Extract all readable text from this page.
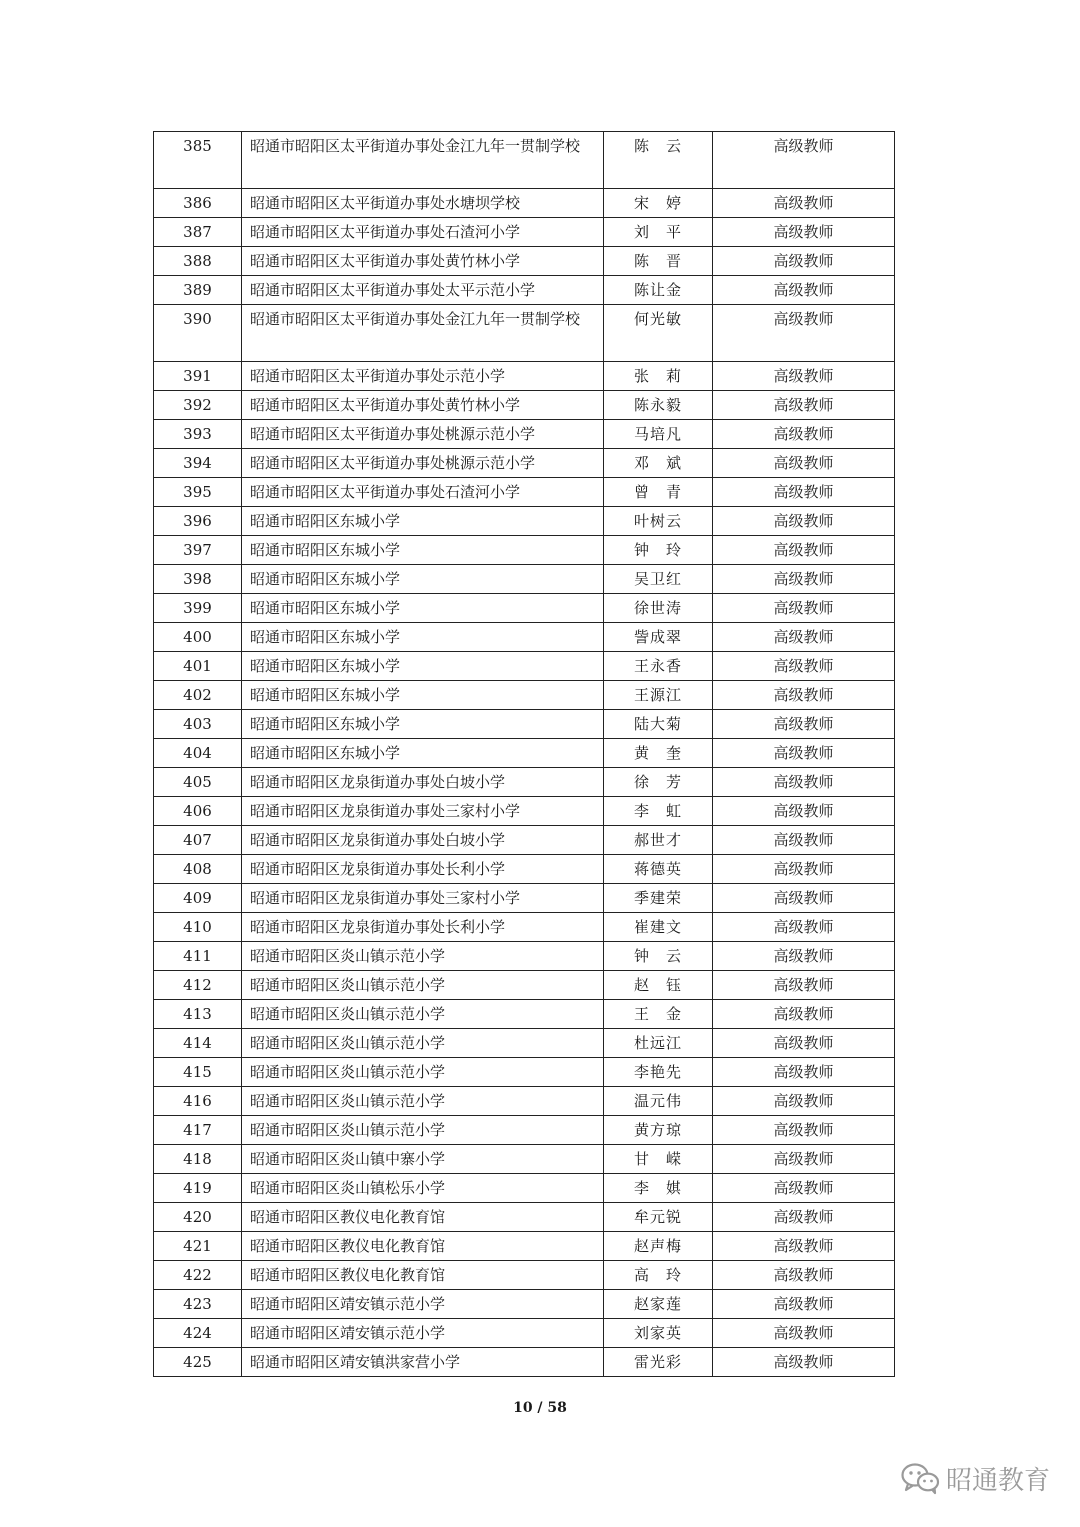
385	昭通市昭阳区太平街道办事处金江九年一贯制学校	陈　云	高级教师
386	昭通市昭阳区太平街道办事处水塘坝学校	宋　婷	高级教师
387	昭通市昭阳区太平街道办事处石渣河小学	刘　平	高级教师
388	昭通市昭阳区太平街道办事处黄竹林小学	陈　晋	高级教师
389	昭通市昭阳区太平街道办事处太平示范小学	陈让金	高级教师
390	昭通市昭阳区太平街道办事处金江九年一贯制学校	何光敏	高级教师
391	昭通市昭阳区太平街道办事处示范小学	张　莉	高级教师
392	昭通市昭阳区太平街道办事处黄竹林小学	陈永毅	高级教师
393	昭通市昭阳区太平街道办事处桃源示范小学	马培凡	高级教师
394	昭通市昭阳区太平街道办事处桃源示范小学	邓　斌	高级教师
395	昭通市昭阳区太平街道办事处石渣河小学	曾　青	高级教师
396	昭通市昭阳区东城小学	叶树云	高级教师
397	昭通市昭阳区东城小学	钟　玲	高级教师
398	昭通市昭阳区东城小学	吴卫红	高级教师
399	昭通市昭阳区东城小学	徐世涛	高级教师
400	昭通市昭阳区东城小学	訾成翠	高级教师
401	昭通市昭阳区东城小学	王永香	高级教师
402	昭通市昭阳区东城小学	王源江	高级教师
403	昭通市昭阳区东城小学	陆大菊	高级教师
404	昭通市昭阳区东城小学	黄　奎	高级教师
405	昭通市昭阳区龙泉街道办事处白坡小学	徐　芳	高级教师
406	昭通市昭阳区龙泉街道办事处三家村小学	李　虹	高级教师
407	昭通市昭阳区龙泉街道办事处白坡小学	郝世才	高级教师
408	昭通市昭阳区龙泉街道办事处长利小学	蒋德英	高级教师
409	昭通市昭阳区龙泉街道办事处三家村小学	季建荣	高级教师
410	昭通市昭阳区龙泉街道办事处长利小学	崔建文	高级教师
411	昭通市昭阳区炎山镇示范小学	钟　云	高级教师
412	昭通市昭阳区炎山镇示范小学	赵　钰	高级教师
413	昭通市昭阳区炎山镇示范小学	王　金	高级教师
414	昭通市昭阳区炎山镇示范小学	杜远江	高级教师
415	昭通市昭阳区炎山镇示范小学	李艳先	高级教师
416	昭通市昭阳区炎山镇示范小学	温元伟	高级教师
417	昭通市昭阳区炎山镇示范小学	黄方琼	高级教师
418	昭通市昭阳区炎山镇中寨小学	甘　嵘	高级教师
419	昭通市昭阳区炎山镇松乐小学	李　娸	高级教师
420	昭通市昭阳区教仪电化教育馆	牟元锐	高级教师
421	昭通市昭阳区教仪电化教育馆	赵声梅	高级教师
422	昭通市昭阳区教仪电化教育馆	高　玲	高级教师
423	昭通市昭阳区靖安镇示范小学	赵家莲	高级教师
424	昭通市昭阳区靖安镇示范小学	刘家英	高级教师
425	昭通市昭阳区靖安镇洪家营小学	雷光彩	高级教师
10 / 58
昭通教育
